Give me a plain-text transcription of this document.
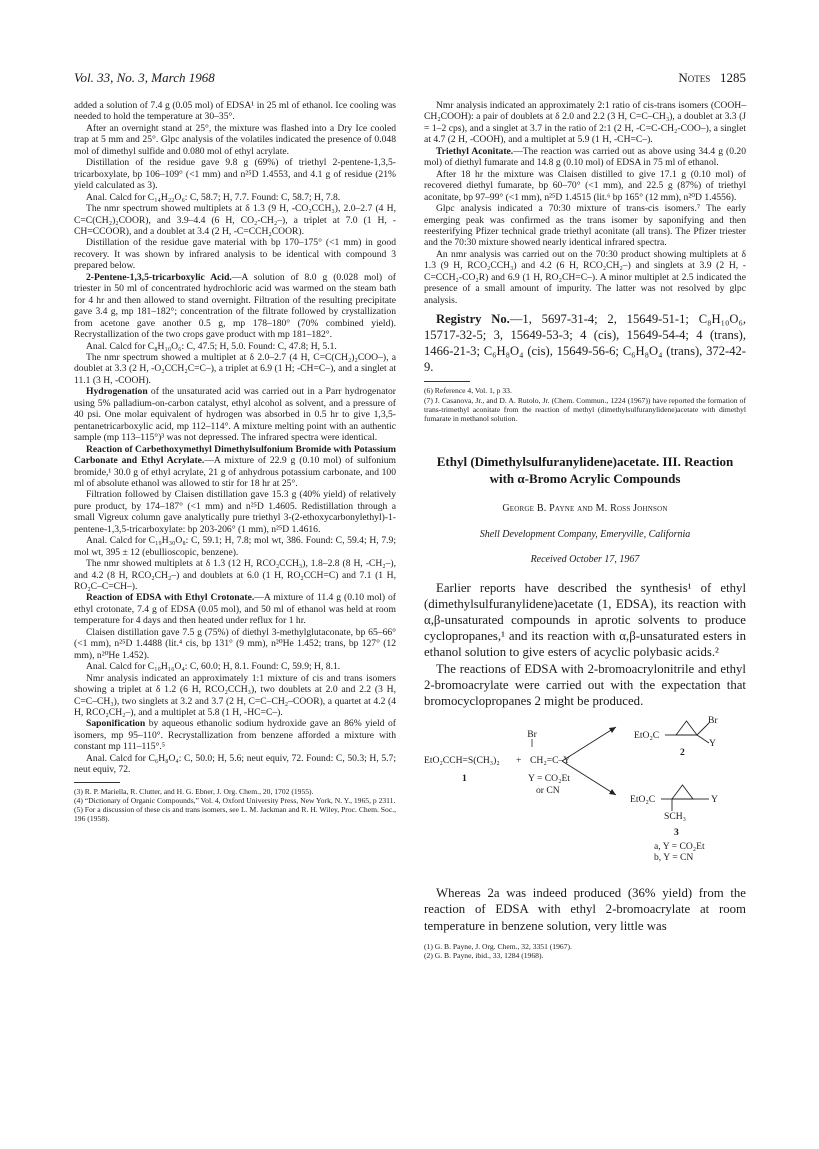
Vol. 33, No. 3, March 1968	Notes 1285

added a solution of 7.4 g (0.05 mol) of EDSA¹ in 25 ml of ethanol. Ice cooling was needed to hold the temperature at 30–35°.

After an overnight stand at 25°, the mixture was flashed into a Dry Ice cooled trap at 5 mm and 25°. Glpc analysis of the volatiles indicated the presence of 0.048 mol of dimethyl sulfide and 0.080 mol of ethyl acrylate.

Distillation of the residue gave 9.8 g (69%) of triethyl 2-pentene-1,3,5-tricarboxylate, bp 106–109° (<1 mm) and n²⁵D 1.4553, and 4.1 g of residue (21% yield calculated as 3).

Anal. Calcd for C₁₄H₂₂O₆: C, 58.7; H, 7.7. Found: C, 58.7; H, 7.8.

The nmr spectrum showed multiplets at δ 1.3 (9 H, -CO₂CCH₃), 2.0–2.7 (4 H, C=C(CH₂)₂COOR), and 3.9–4.4 (6 H, CO₂-CH₂–), a triplet at 7.0 (1 H, -CH=CCOOR), and a doublet at 3.4 (2 H, -C=CCH₂COOR).

Distillation of the residue gave material with bp 170–175° (<1 mm) in good recovery. It was shown by infrared analysis to be identical with compound 3 prepared below.

2-Pentene-1,3,5-tricarboxylic Acid.—A solution of 8.0 g (0.028 mol) of triester in 50 ml of concentrated hydrochloric acid was warmed on the steam bath for 4 hr and then allowed to stand overnight. Filtration of the resulting precipitate gave 3.4 g, mp 181–182°; concentration of the filtrate followed by crystallization from acetone gave another 0.5 g, mp 178–180° (70% combined yield). Recrystallization of the two crops gave product with mp 181–182°.

Anal. Calcd for C₈H₁₀O₆: C, 47.5; H, 5.0. Found: C, 47.8; H, 5.1.

The nmr spectrum showed a multiplet at δ 2.0–2.7 (4 H, C=C(CH₂)₂COO–), a doublet at 3.3 (2 H, -O₂CCH₂C=C–), a triplet at 6.9 (1 H; -CH=C–), and a singlet at 11.1 (3 H, -COOH).

Hydrogenation of the unsaturated acid was carried out in a Parr hydrogenator using 5% palladium-on-carbon catalyst, ethyl alcohol as solvent, and a pressure of 40 psi. One molar equivalent of hydrogen was absorbed in 0.5 hr to give 1,3,5-pentanetricarboxylic acid, mp 112–114°. A mixture melting point with an authentic sample (mp 113–115°)³ was not depressed. The infrared spectra were identical.

Reaction of Carbethoxymethyl Dimethylsulfonium Bromide with Potassium Carbonate and Ethyl Acrylate.—A mixture of 22.9 g (0.10 mol) of sulfonium bromide,¹ 30.0 g of ethyl acrylate, 21 g of anhydrous potassium carbonate, and 100 ml of absolute ethanol was allowed to stir for 18 hr at 25°.

Filtration followed by Claisen distillation gave 15.3 g (40% yield) of relatively pure product, by 174–187° (<1 mm) and n²⁵D 1.4605. Redistillation through a small Vigreux column gave analytically pure triethyl 3-(2-ethoxycarbonylethyl)-1-pentene-1,3,5-tricarboxylate: bp 203-206° (1 mm), n²⁵D 1.4616.

Anal. Calcd for C₁₉H₃₀O₈: C, 59.1; H, 7.8; mol wt, 386. Found: C, 59.4; H, 7.9; mol wt, 395 ± 12 (ebullioscopic, benzene).

The nmr showed multiplets at δ 1.3 (12 H, RCO₂CCH₃), 1.8–2.8 (8 H, -CH₂–), and 4.2 (8 H, RCO₂CH₂–) and doublets at 6.0 (1 H, RO₂CCH=C) and 7.1 (1 H, RO₂C–C=CH–).

Reaction of EDSA with Ethyl Crotonate.—A mixture of 11.4 g (0.10 mol) of ethyl crotonate, 7.4 g of EDSA (0.05 mol), and 50 ml of ethanol was held at room temperature for 4 days and then heated under reflux for 1 hr.

Claisen distillation gave 7.5 g (75%) of diethyl 3-methylglutaconate, bp 65–66° (<1 mm), n²⁵D 1.4488 (lit.⁴ cis, bp 131° (9 mm), n²⁰He 1.452; trans, bp 127° (12 mm), n²⁰He 1.452).

Anal. Calcd for C₁₀H₁₆O₄: C, 60.0; H, 8.1. Found: C, 59.9; H, 8.1.

Nmr analysis indicated an approximately 1:1 mixture of cis and trans isomers showing a triplet at δ 1.2 (6 H, RCO₂CCH₃), two doublets at 2.0 and 2.2 (3 H, C=C–CH₃), two singlets at 3.2 and 3.7 (2 H, C=C–CH₂–COOR), a quartet at 4.2 (4 H, RCO₂CH₂–), and a multiplet at 5.8 (1 H, -HC=C–).

Saponification by aqueous ethanolic sodium hydroxide gave an 86% yield of isomers, mp 95–110°. Recrystallization from benzene afforded a mixture with constant mp 111–115°.⁵

Anal. Calcd for C₆H₈O₄: C, 50.0; H, 5.6; neut equiv, 72. Found: C, 50.3; H, 5.7; neut equiv, 72.

(3) R. P. Mariella, R. Clutter, and H. G. Ebner, J. Org. Chem., 20, 1702 (1955).

(4) “Dictionary of Organic Compounds,” Vol. 4, Oxford University Press, New York, N. Y., 1965, p 2311.

(5) For a discussion of these cis and trans isomers, see L. M. Jackman and R. H. Wiley, Proc. Chem. Soc., 196 (1958).

Nmr analysis indicated an approximately 2:1 ratio of cis-trans isomers (COOH–CH₂COOH): a pair of doublets at δ 2.0 and 2.2 (3 H, C=C–CH₃), a doublet at 3.3 (J = 1–2 cps), and a singlet at 3.7 in the ratio of 2:1 (2 H, -C=C-CH₂-COO–), a singlet at 4.7 (2 H, -COOH), and a multiplet at 5.9 (1 H, -CH=C–).

Triethyl Aconitate.—The reaction was carried out as above using 34.4 g (0.20 mol) of diethyl fumarate and 14.8 g (0.10 mol) of EDSA in 75 ml of ethanol.

After 18 hr the mixture was Claisen distilled to give 17.1 g (0.10 mol) of recovered diethyl fumarate, bp 60–70° (<1 mm), and 22.5 g (87%) of triethyl aconitate, bp 97–99° (<1 mm), n²⁵D 1.4515 (lit.⁶ bp 165° (12 mm), n²⁰D 1.4556).

Glpc analysis indicated a 70:30 mixture of trans-cis isomers.⁷ The early emerging peak was confirmed as the trans isomer by saponifying and then reesterifying Pfizer technical grade triethyl aconitate (all trans). The Pfizer triester and the 70:30 mixture showed nearly identical infrared spectra.

An nmr analysis was carried out on the 70:30 product showing multiplets at δ 1.3 (9 H, RCO₂CCH₃) and 4.2 (6 H, RCO₂CH₂–) and singlets at 3.9 (2 H, -C=CCH₂-CO₂R) and 6.9 (1 H, RO₂CH=C–). A minor multiplet at 2.5 indicated the presence of a small amount of impurity. The latter was not resolved by glpc analysis.

Registry No.—1, 5697-31-4; 2, 15649-51-1; C₈H₁₀O₆, 15717-32-5; 3, 15649-53-3; 4 (cis), 15649-54-4; 4 (trans), 1466-21-3; C₆H₈O₄ (cis), 15649-56-6; C₆H₈O₄ (trans), 372-42-9.

(6) Reference 4, Vol. 1, p 33.

(7) J. Casanova, Jr., and D. A. Rutolo, Jr. (Chem. Commun., 1224 (1967)) have reported the formation of trans-trimethyl aconitate from the reaction of methyl (dimethylsulfuranylidene)acetate with dimethyl fumarate in methanol solution.

Ethyl (Dimethylsulfuranylidene)acetate. III. Reaction with α-Bromo Acrylic Compounds

George B. Payne and M. Ross Johnson

Shell Development Company, Emeryville, California

Received October 17, 1967

Earlier reports have described the synthesis¹ of ethyl (dimethylsulfuranylidene)acetate (1, EDSA), its reaction with α,β-unsaturated compounds in aprotic solvents to produce cyclopropanes,¹ and its reaction with α,β-unsaturated esters in ethanol solution to give esters of acyclic polybasic acids.²

The reactions of EDSA with 2-bromoacrylonitrile and ethyl 2-bromoacrylate were carried out with the expectation that bromocyclopropanes 2 might be produced.

Br
EtO₂CCH=S(CH₃)₂
1
+ CH₂=C–Y
Y = CO₂Et
or CN
EtO₂C
Br
Y
2
EtO₂C	Y
SCH₃
3
a, Y = CO₂Et
b, Y = CN

Whereas 2a was indeed produced (36% yield) from the reaction of EDSA with ethyl 2-bromoacrylate at room temperature in benzene solution, very little was

(1) G. B. Payne, J. Org. Chem., 32, 3351 (1967).

(2) G. B. Payne, ibid., 33, 1284 (1968).
